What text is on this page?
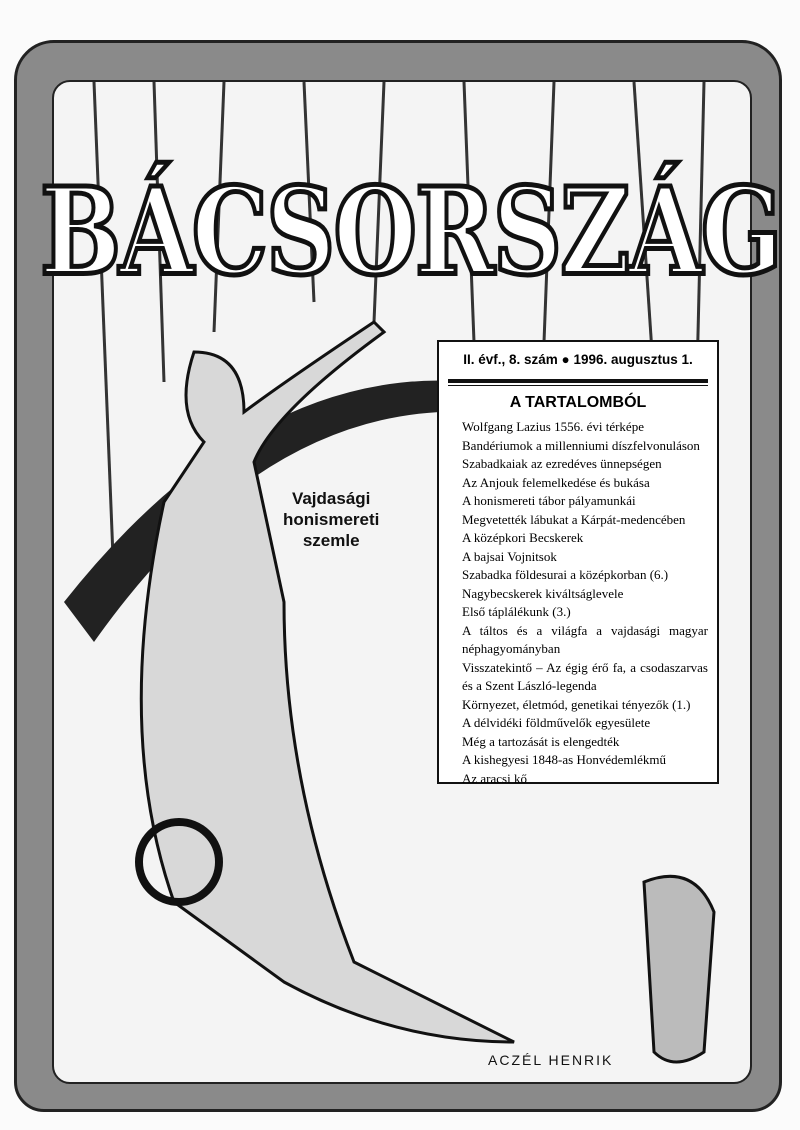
BÁCSORSZÁG
Vajdasági
honismereti
szemle
II. évf., 8. szám ● 1996. augusztus 1.
A TARTALOMBÓL
Wolfgang Lazius 1556. évi térképe
Bandériumok a millenniumi díszfelvonuláson
Szabadkaiak az ezredéves ünnepségen
Az Anjouk felemelkedése és bukása
A honismereti tábor pályamunkái
Megvetették lábukat a Kárpát-medencében
A középkori Becskerek
A bajsai Vojnitsok
Szabadka földesurai a középkorban (6.)
Nagybecskerek kiváltságlevele
Első táplálékunk (3.)
A táltos és a világfa a vajdasági magyar néphagyományban
Visszatekintő – Az égig érő fa, a csodaszarvas és a Szent László-legenda
Környezet, életmód, genetikai tényezők (1.)
A délvidéki földművelők egyesülete
Még a tartozását is elengedték
A kishegyesi 1848-as Honvédemlékmű
Az aracsi kő
ACZÉL HENRIK
